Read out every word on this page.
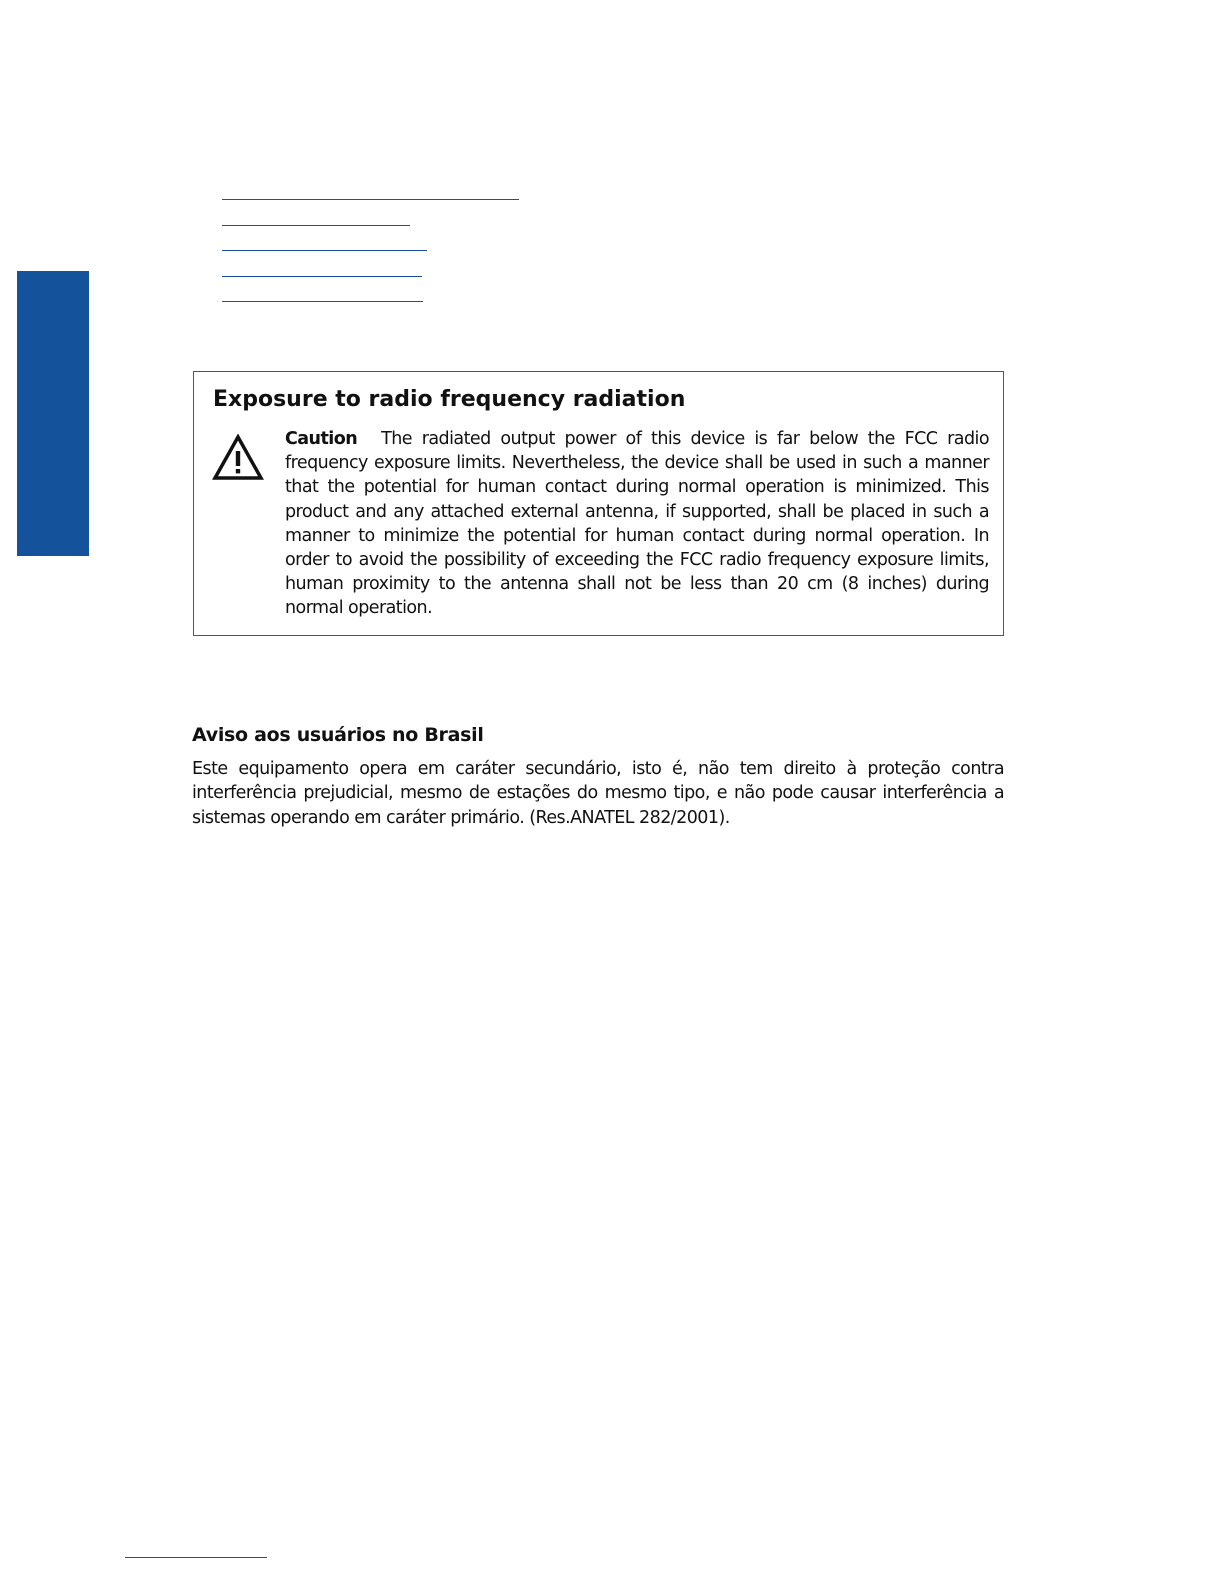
Exposure to radio frequency radiation

Caution The radiated output power of this device is far below the FCC radio frequency exposure limits. Nevertheless, the device shall be used in such a manner that the potential for human contact during normal operation is minimized. This product and any attached external antenna, if supported, shall be placed in such a manner to minimize the potential for human contact during normal operation. In order to avoid the possibility of exceeding the FCC radio frequency exposure limits, human proximity to the antenna shall not be less than 20 cm (8 inches) during normal operation.

Aviso aos usuários no Brasil

Este equipamento opera em caráter secundário, isto é, não tem direito à proteção contra interferência prejudicial, mesmo de estações do mesmo tipo, e não pode causar interferência a sistemas operando em caráter primário. (Res.ANATEL 282/2001).
